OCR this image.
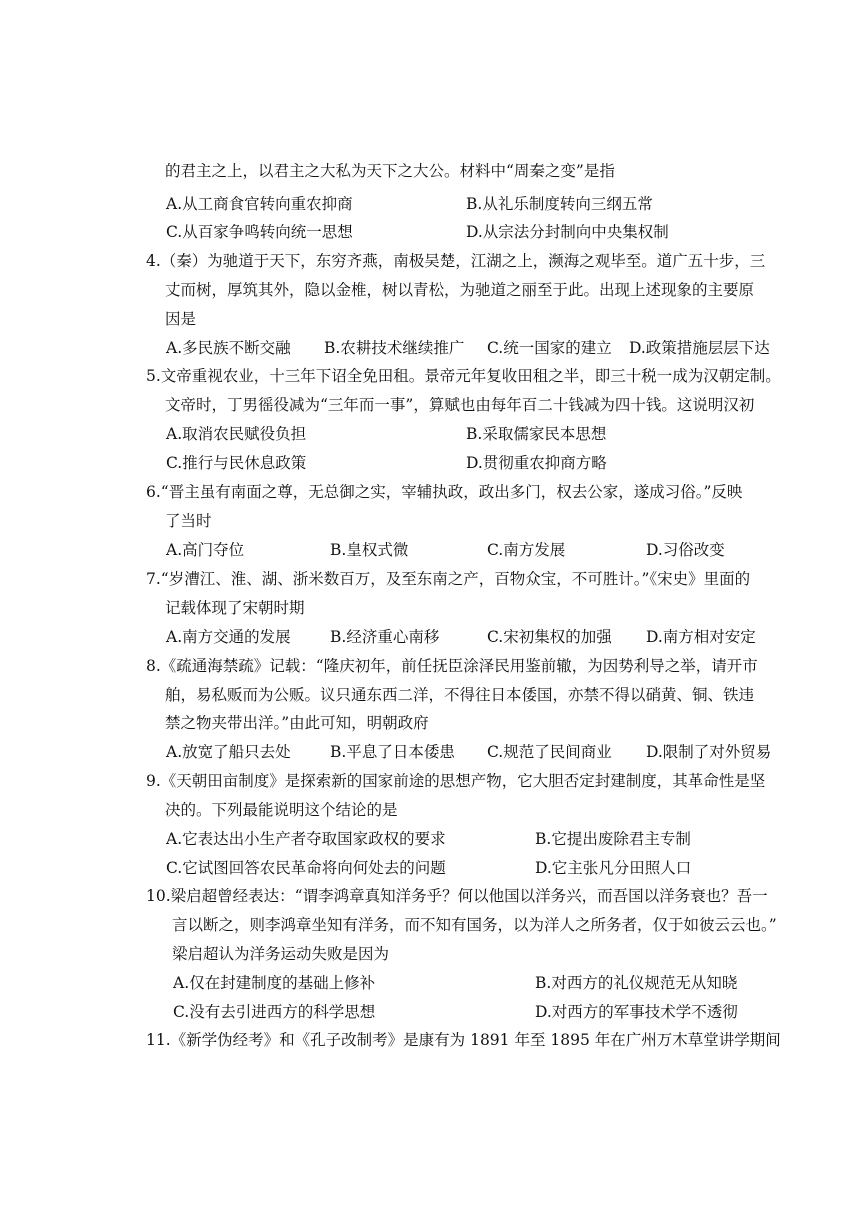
的君主之上，以君主之大私为天下之大公。材料中“周秦之变”是指
A.从工商食官转向重农抑商	B.从礼乐制度转向三纲五常
C.从百家争鸣转向统一思想	D.从宗法分封制向中央集权制
4.（秦）为驰道于天下，东穷齐燕，南极吴楚，江湖之上，濒海之观毕至。道广五十步，三
丈而树，厚筑其外，隐以金椎，树以青松，为驰道之丽至于此。出现上述现象的主要原
因是
A.多民族不断交融 B.农耕技术继续推广 C.统一国家的建立 D.政策措施层层下达
5.文帝重视农业，十三年下诏全免田租。景帝元年复收田租之半，即三十税一成为汉朝定制。
文帝时，丁男徭役减为“三年而一事”，算赋也由每年百二十钱减为四十钱。这说明汉初
A.取消农民赋役负担	B.采取儒家民本思想
C.推行与民休息政策	D.贯彻重农抑商方略
6.“晋主虽有南面之尊，无总御之实，宰辅执政，政出多门，权去公家，遂成习俗。”反映
了当时
A.高门夺位	B.皇权式微	C.南方发展	D.习俗改变
7.“岁漕江、淮、湖、浙米数百万，及至东南之产，百物众宝，不可胜计。”《宋史》里面的
记载体现了宋朝时期
A.南方交通的发展	B.经济重心南移	C.宋初集权的加强 D.南方相对安定
8.《疏通海禁疏》记载：“隆庆初年，前任抚臣涂泽民用鉴前辙，为因势利导之举，请开市
舶，易私贩而为公贩。议只通东西二洋，不得往日本倭国，亦禁不得以硝黄、铜、铁违
禁之物夹带出洋。”由此可知，明朝政府
A.放宽了船只去处	B.平息了日本倭患 C.规范了民间商业 D.限制了对外贸易
9.《天朝田亩制度》是探索新的国家前途的思想产物，它大胆否定封建制度，其革命性是坚
决的。下列最能说明这个结论的是
A.它表达出小生产者夺取国家政权的要求	B.它提出废除君主专制
C.它试图回答农民革命将向何处去的问题	D.它主张凡分田照人口
10.梁启超曾经表达：“谓李鸿章真知洋务乎？何以他国以洋务兴，而吾国以洋务衰也？吾一
言以断之，则李鸿章坐知有洋务，而不知有国务，以为洋人之所务者，仅于如彼云云也。”
梁启超认为洋务运动失败是因为
A.仅在封建制度的基础上修补	B.对西方的礼仪规范无从知晓
C.没有去引进西方的科学思想	D.对西方的军事技术学不透彻
11.《新学伪经考》和《孔子改制考》是康有为 1891 年至 1895 年在广州万木草堂讲学期间
